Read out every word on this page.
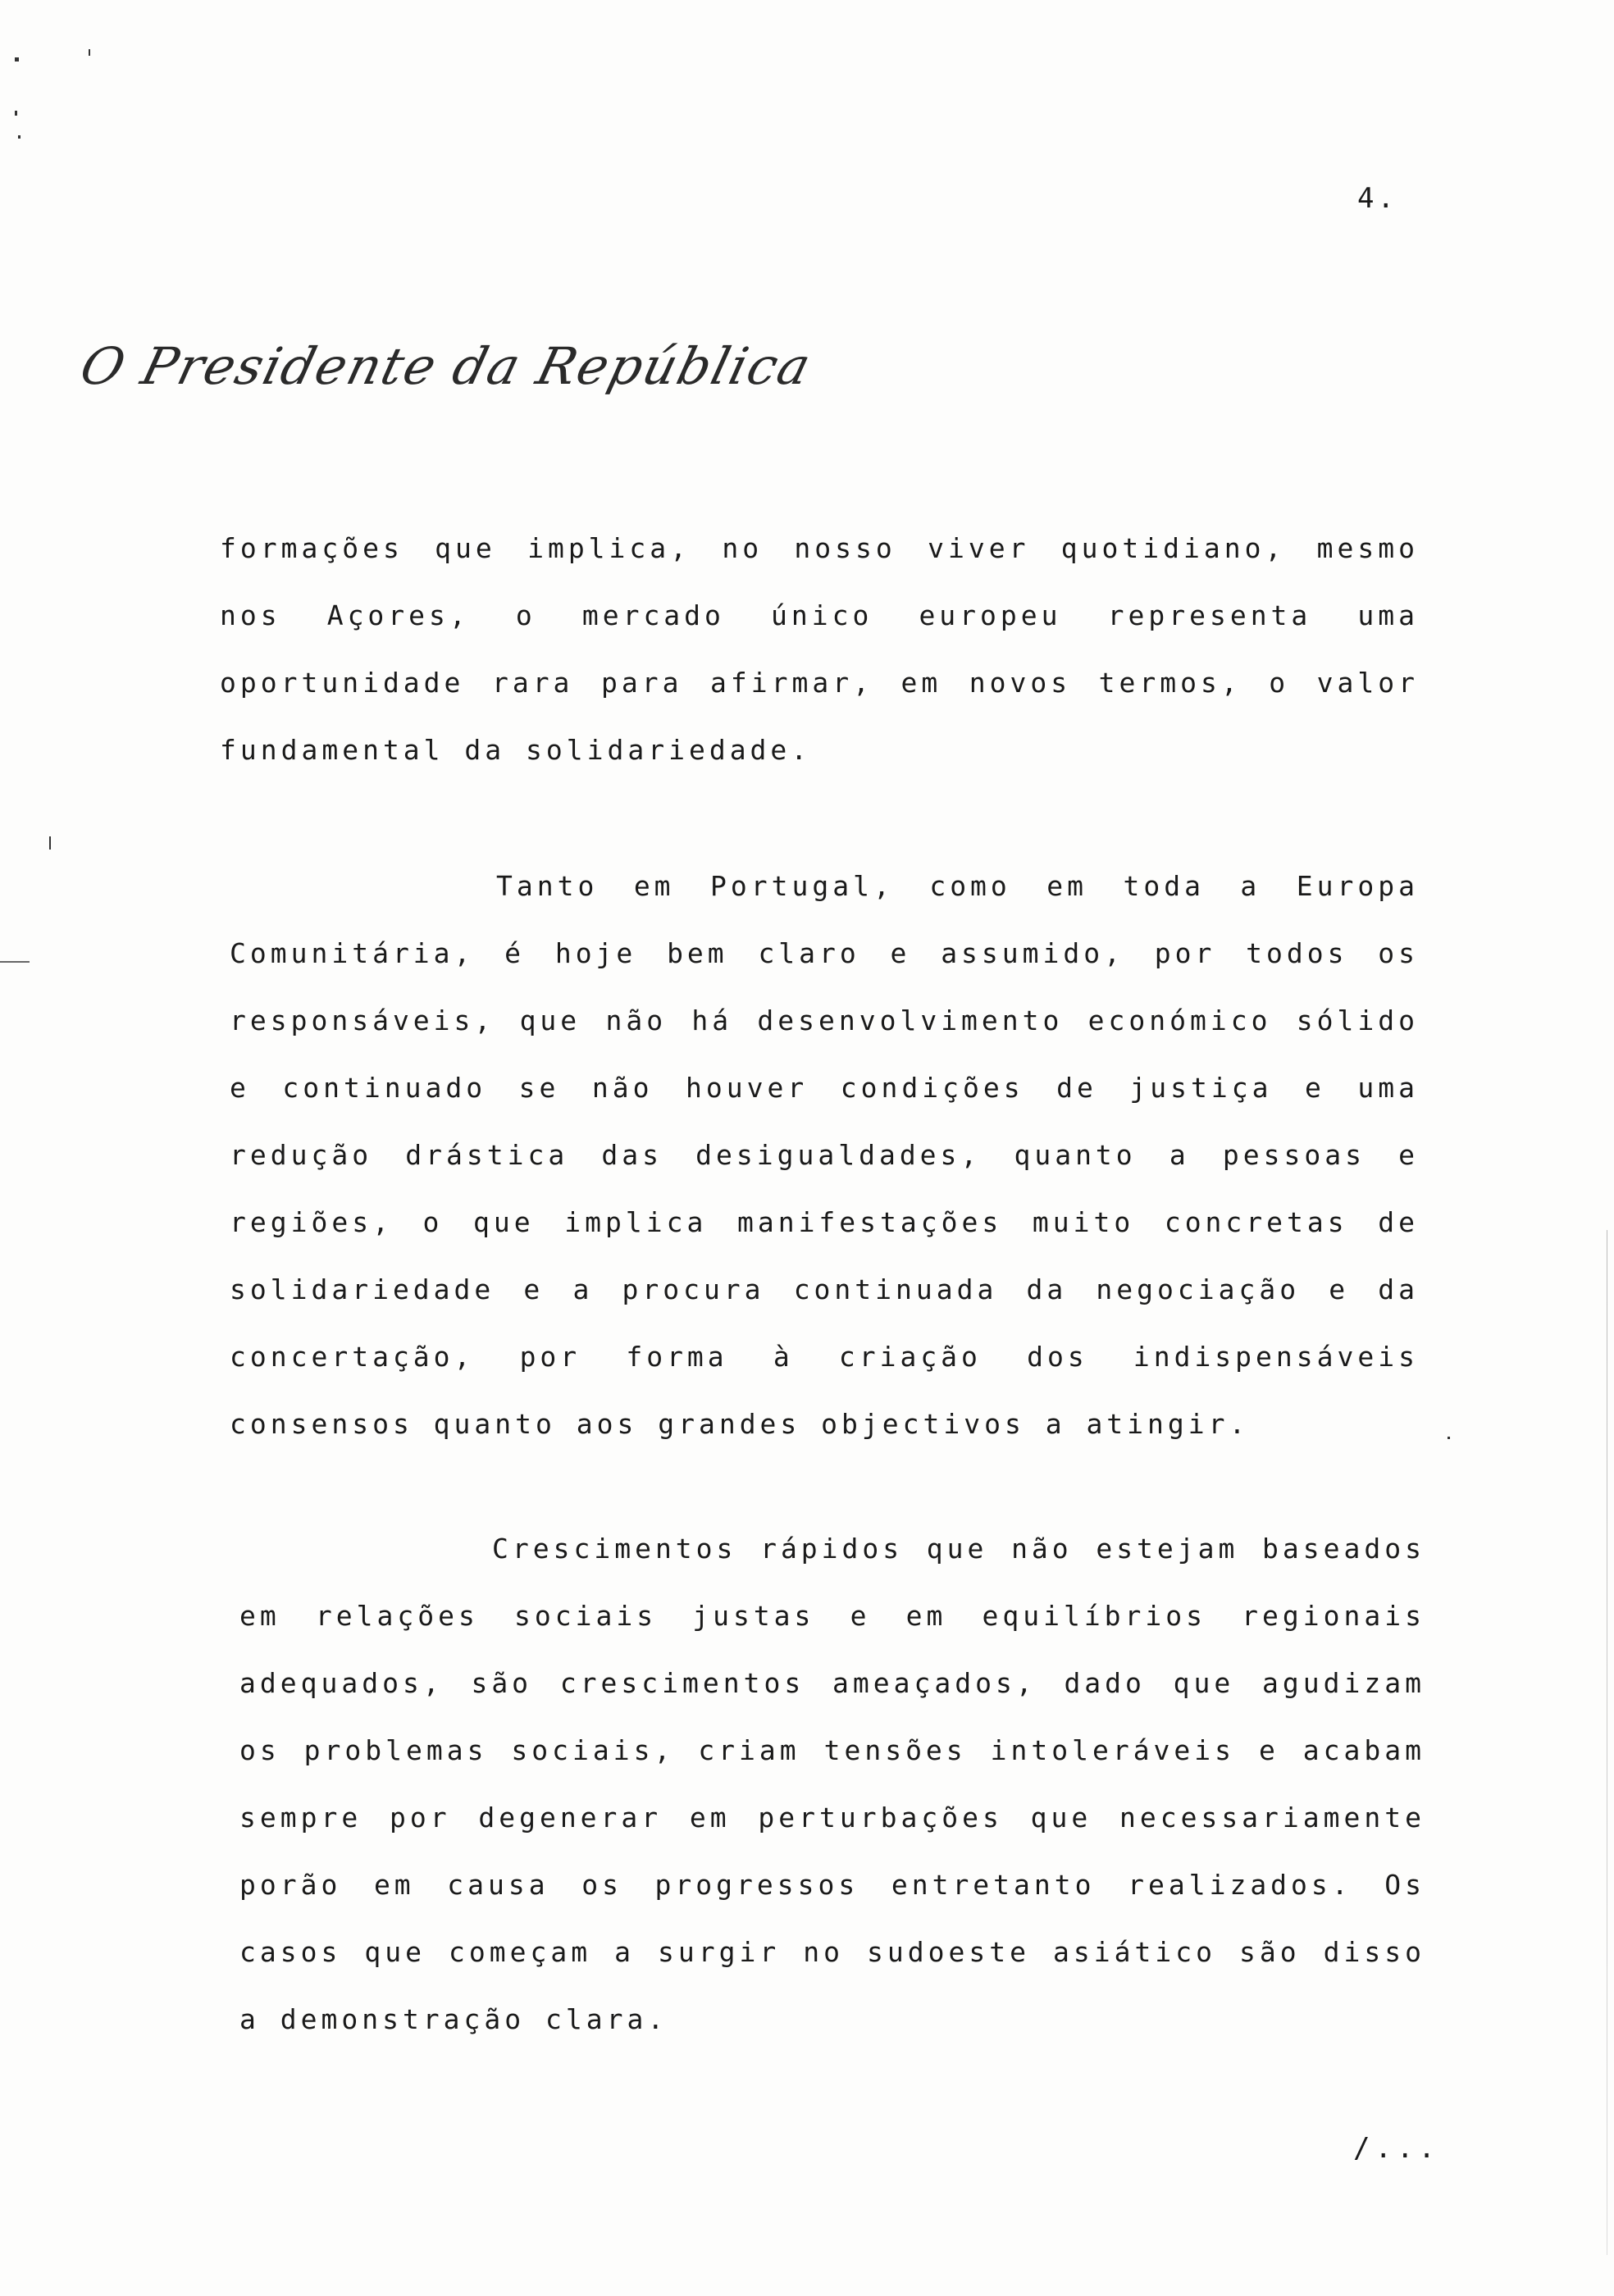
4.
O Presidente da República

formações que implica, no nosso viver quotidiano, mesmo nos Açores, o mercado único europeu representa uma oportunidade rara para afirmar, em novos termos, o valor fundamental da solidariedade.

Tanto em Portugal, como em toda a Europa Comunitária, é hoje bem claro e assumido, por todos os responsáveis, que não há desenvolvimento económico sólido e continuado se não houver condições de justiça e uma redução drástica das desigualdades, quanto a pessoas e regiões, o que implica manifestações muito concretas de solidariedade e a procura continuada da negociação e da concertação, por forma à criação dos indispensáveis consensos quanto aos grandes objectivos a atingir.

Crescimentos rápidos que não estejam baseados em relações sociais justas e em equilíbrios regionais adequados, são crescimentos ameaçados, dado que agudizam os problemas sociais, criam tensões intoleráveis e acabam sempre por degenerar em perturbações que necessariamente porão em causa os progressos entretanto realizados. Os casos que começam a surgir no sudoeste asiático são disso a demonstração clara.

/...
